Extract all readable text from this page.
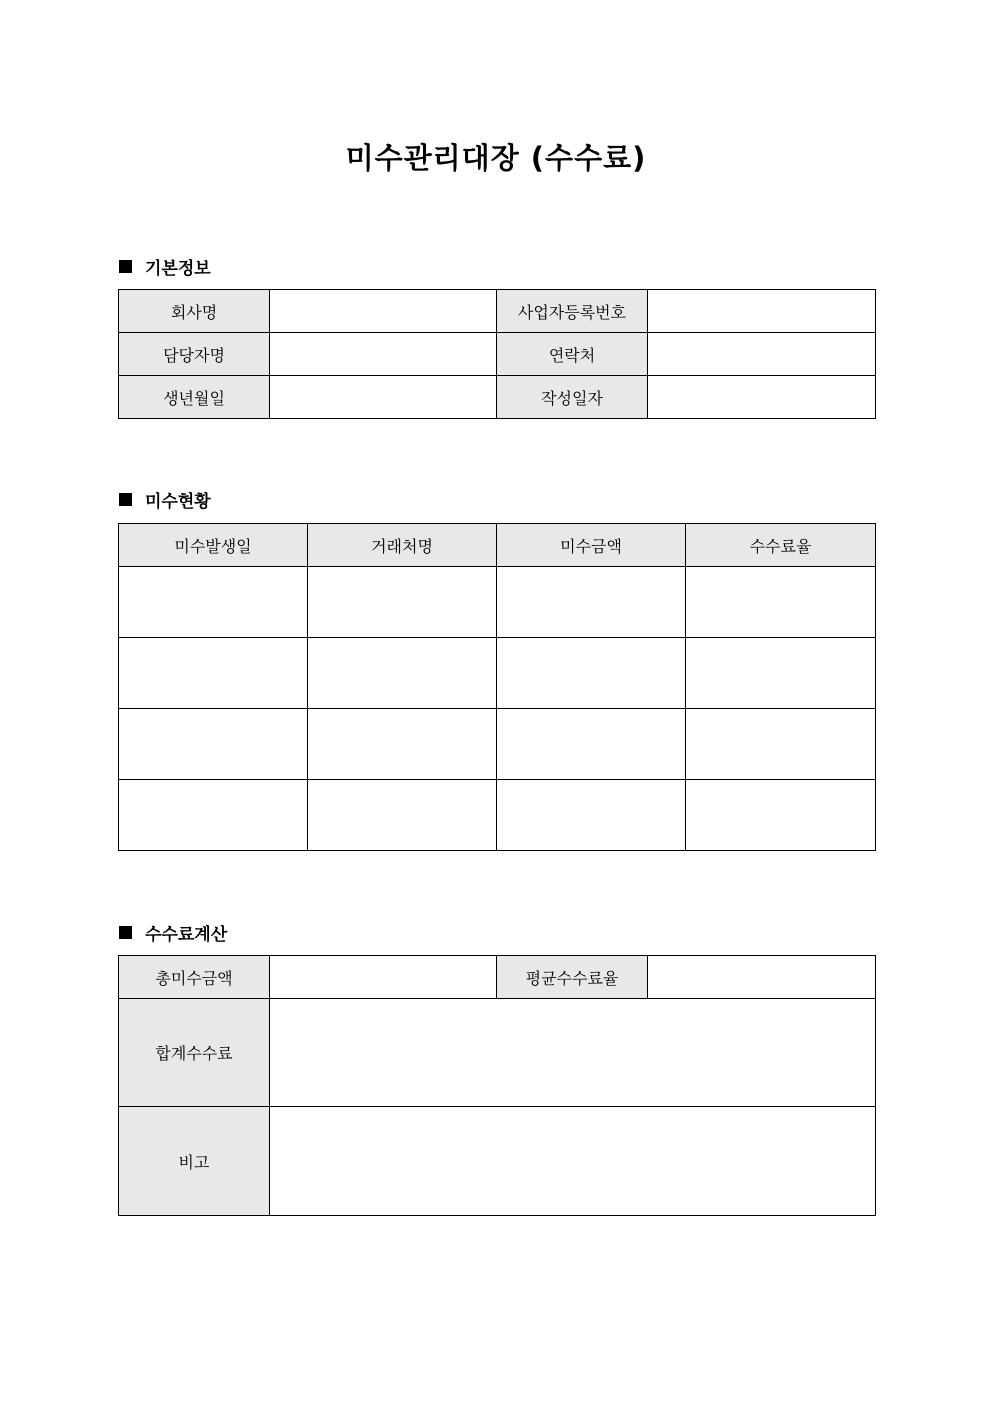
미수관리대장 (수수료)
기본정보
회사명		사업자등록번호	
담당자명		연락처	
생년월일		작성일자	
미수현황
미수발생일	거래처명	미수금액	수수료율

수수료계산
총미수금액		평균수수료율	
합계수수료			
비고			
